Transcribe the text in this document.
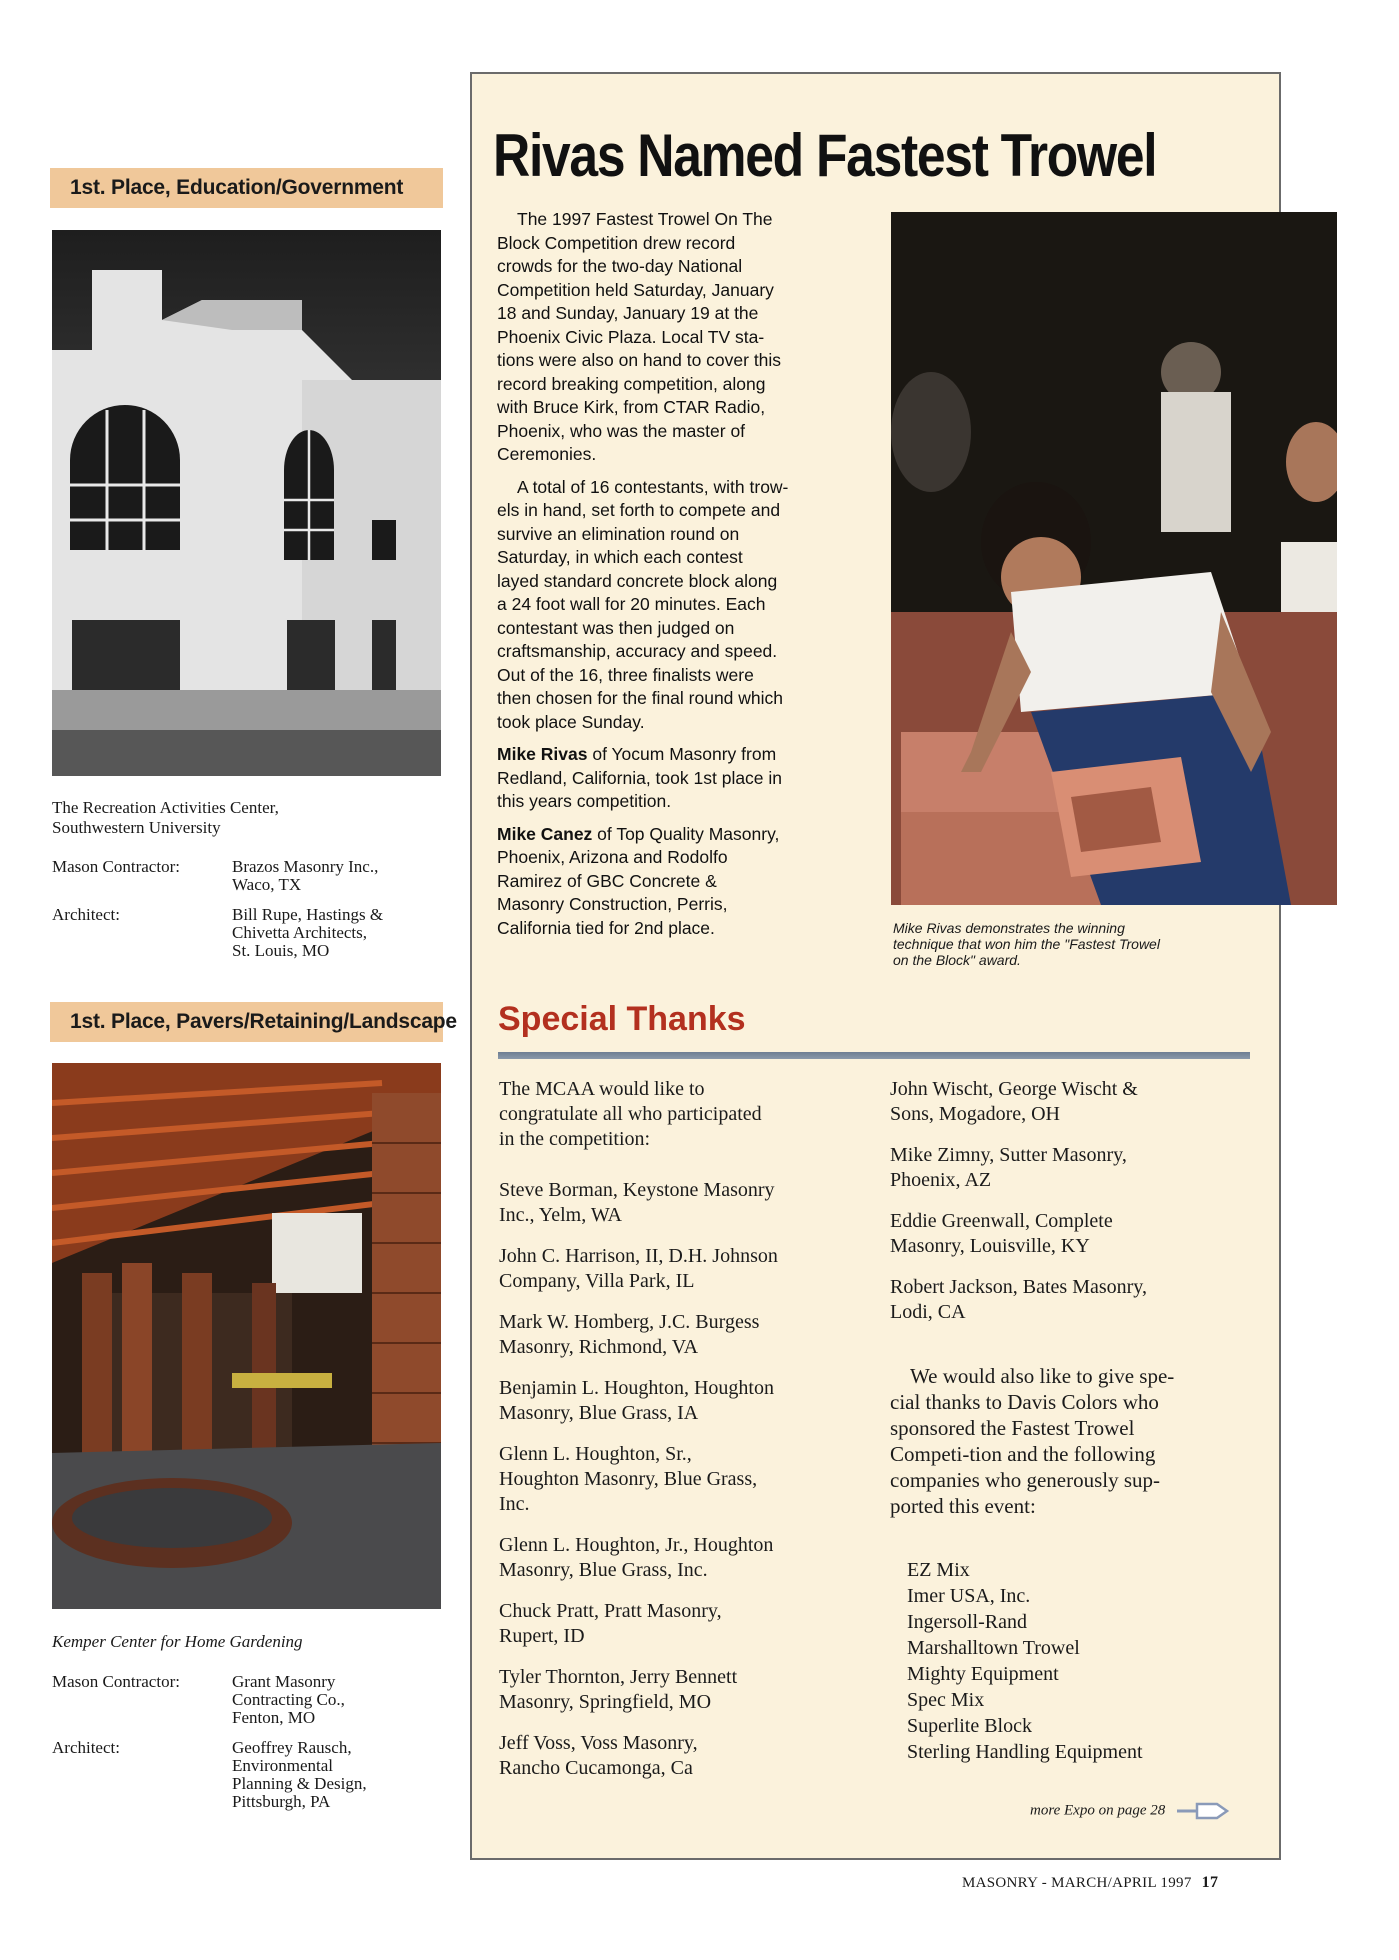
1st. Place, Education/Government
The Recreation Activities Center,
Southwestern University
Mason Contractor:	Brazos Masonry Inc.,
Waco, TX
Architect:	Bill Rupe, Hastings &
Chivetta Architects,
St. Louis, MO
1st. Place, Pavers/Retaining/Landscape
Kemper Center for Home Gardening
Mason Contractor:	Grant Masonry
Contracting Co.,
Fenton, MO
Architect:	Geoffrey Rausch,
Environmental
Planning & Design,
Pittsburgh, PA
Rivas Named Fastest Trowel

The 1997 Fastest Trowel On The
Block Competition drew record
crowds for the two-day National
Competition held Saturday, January
18 and Sunday, January 19 at the
Phoenix Civic Plaza. Local TV sta-
tions were also on hand to cover this
record breaking competition, along
with Bruce Kirk, from CTAR Radio,
Phoenix, who was the master of
Ceremonies.

A total of 16 contestants, with trow-
els in hand, set forth to compete and
survive an elimination round on
Saturday, in which each contest
layed standard concrete block along
a 24 foot wall for 20 minutes. Each
contestant was then judged on
craftsmanship, accuracy and speed.
Out of the 16, three finalists were
then chosen for the final round which
took place Sunday.

Mike Rivas of Yocum Masonry from
Redland, California, took 1st place in
this years competition.

Mike Canez of Top Quality Masonry,
Phoenix, Arizona and Rodolfo
Ramirez of GBC Concrete &
Masonry Construction, Perris,
California tied for 2nd place.	Mike Rivas demonstrates the winning
technique that won him the "Fastest Trowel
on the Block" award.
Special Thanks

The MCAA would like to
congratulate all who participated
in the competition:

Steve Borman, Keystone Masonry
Inc., Yelm, WA

John C. Harrison, II, D.H. Johnson
Company, Villa Park, IL

Mark W. Homberg, J.C. Burgess
Masonry, Richmond, VA

Benjamin L. Houghton, Houghton
Masonry, Blue Grass, IA

Glenn L. Houghton, Sr.,
Houghton Masonry, Blue Grass,
Inc.

Glenn L. Houghton, Jr., Houghton
Masonry, Blue Grass, Inc.

Chuck Pratt, Pratt Masonry,
Rupert, ID

Tyler Thornton, Jerry Bennett
Masonry, Springfield, MO

Jeff Voss, Voss Masonry,
Rancho Cucamonga, Ca

John Wischt, George Wischt &
Sons, Mogadore, OH

Mike Zimny, Sutter Masonry,
Phoenix, AZ

Eddie Greenwall, Complete
Masonry, Louisville, KY

Robert Jackson, Bates Masonry,
Lodi, CA

We would also like to give spe-
cial thanks to Davis Colors who
sponsored the Fastest Trowel
Competi-tion and the following
companies who generously sup-
ported this event:

EZ Mix
Imer USA, Inc.
Ingersoll-Rand
Marshalltown Trowel
Mighty Equipment
Spec Mix
Superlite Block
Sterling Handling Equipment
more Expo on page 28
MASONRY - MARCH/APRIL 1997 17
